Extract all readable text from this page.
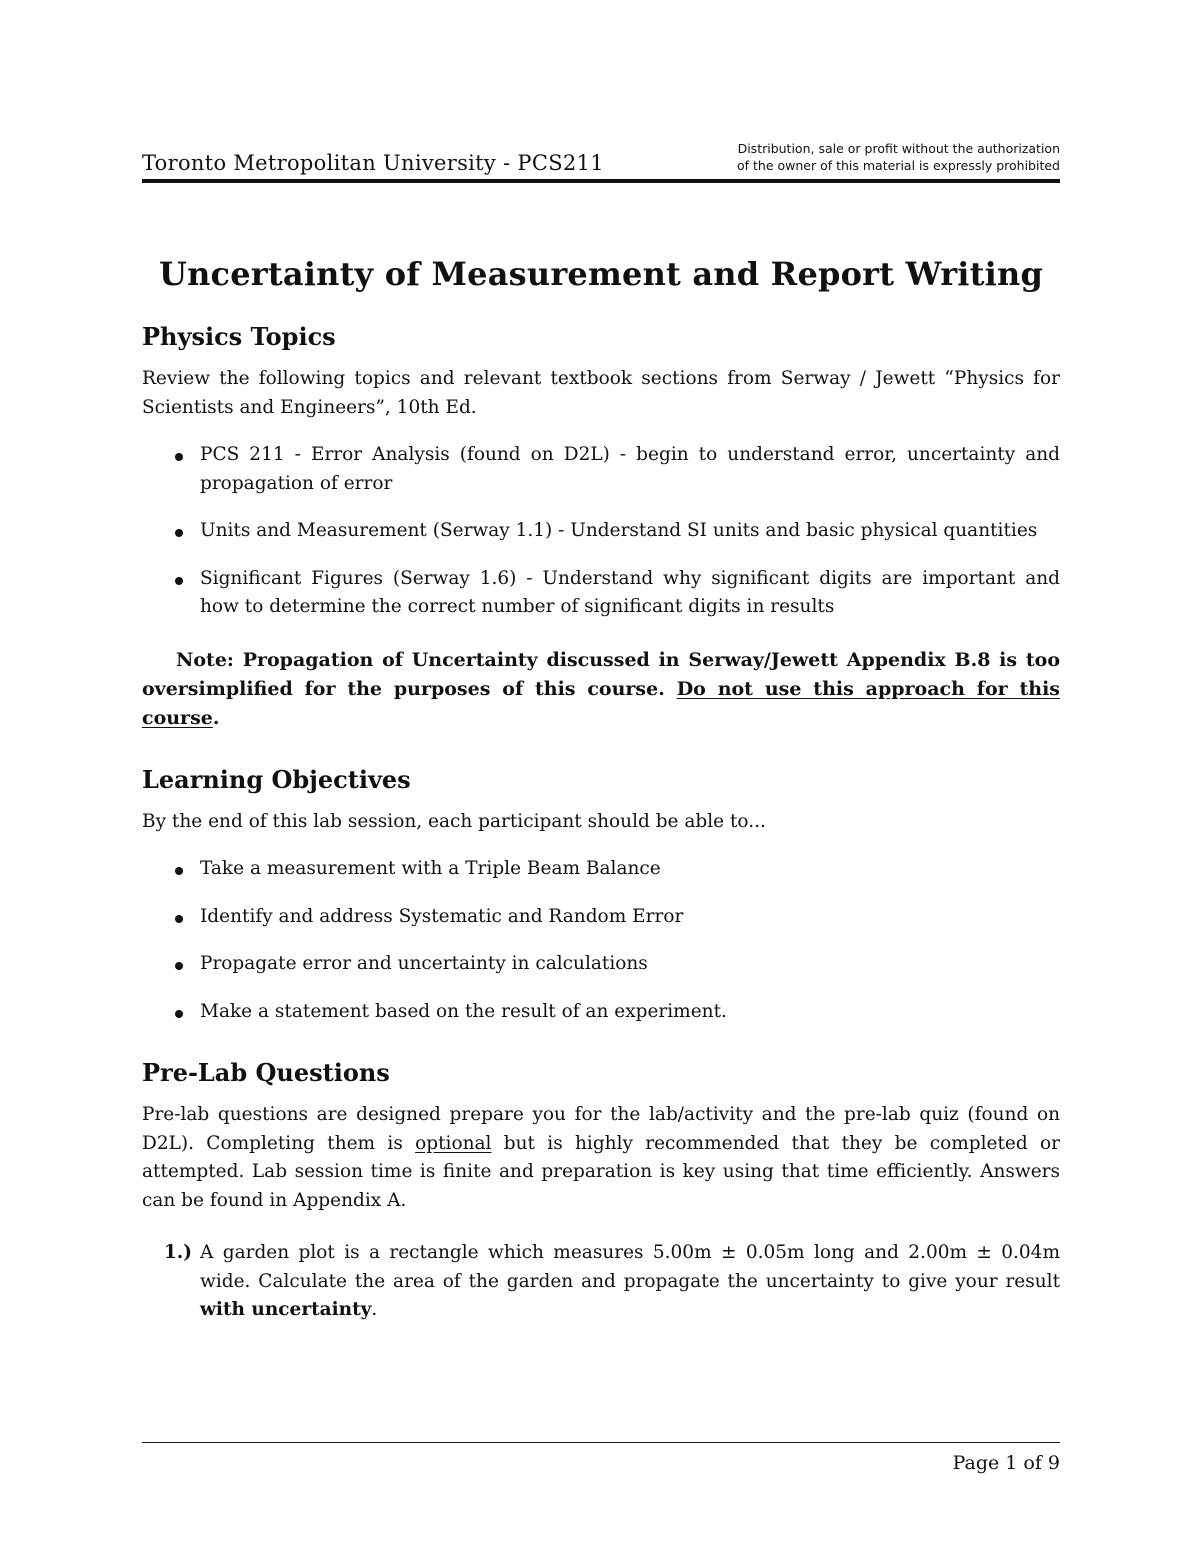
Toronto Metropolitan University - PCS211
Distribution, sale or profit without the authorization
of the owner of this material is expressly prohibited
Uncertainty of Measurement and Report Writing
Physics Topics

Review the following topics and relevant textbook sections from Serway / Jewett “Physics for Scientists and Engineers”, 10th Ed.

PCS 211 - Error Analysis (found on D2L) - begin to understand error, uncertainty and propagation of error
Units and Measurement (Serway 1.1) - Understand SI units and basic physical quantities
Significant Figures (Serway 1.6) - Understand why significant digits are important and how to determine the correct number of significant digits in results

Note: Propagation of Uncertainty discussed in Serway/Jewett Appendix B.8 is too oversimplified for the purposes of this course. Do not use this approach for this course.

Learning Objectives

By the end of this lab session, each participant should be able to...

Take a measurement with a Triple Beam Balance
Identify and address Systematic and Random Error
Propagate error and uncertainty in calculations
Make a statement based on the result of an experiment.
Pre-Lab Questions

Pre-lab questions are designed prepare you for the lab/activity and the pre-lab quiz (found on D2L). Completing them is optional but is highly recommended that they be completed or attempted. Lab session time is finite and preparation is key using that time efficiently. Answers can be found in Appendix A.

1.) A garden plot is a rectangle which measures 5.00m ± 0.05m long and 2.00m ± 0.04m wide. Calculate the area of the garden and propagate the uncertainty to give your result with uncertainty.
Page 1 of 9
